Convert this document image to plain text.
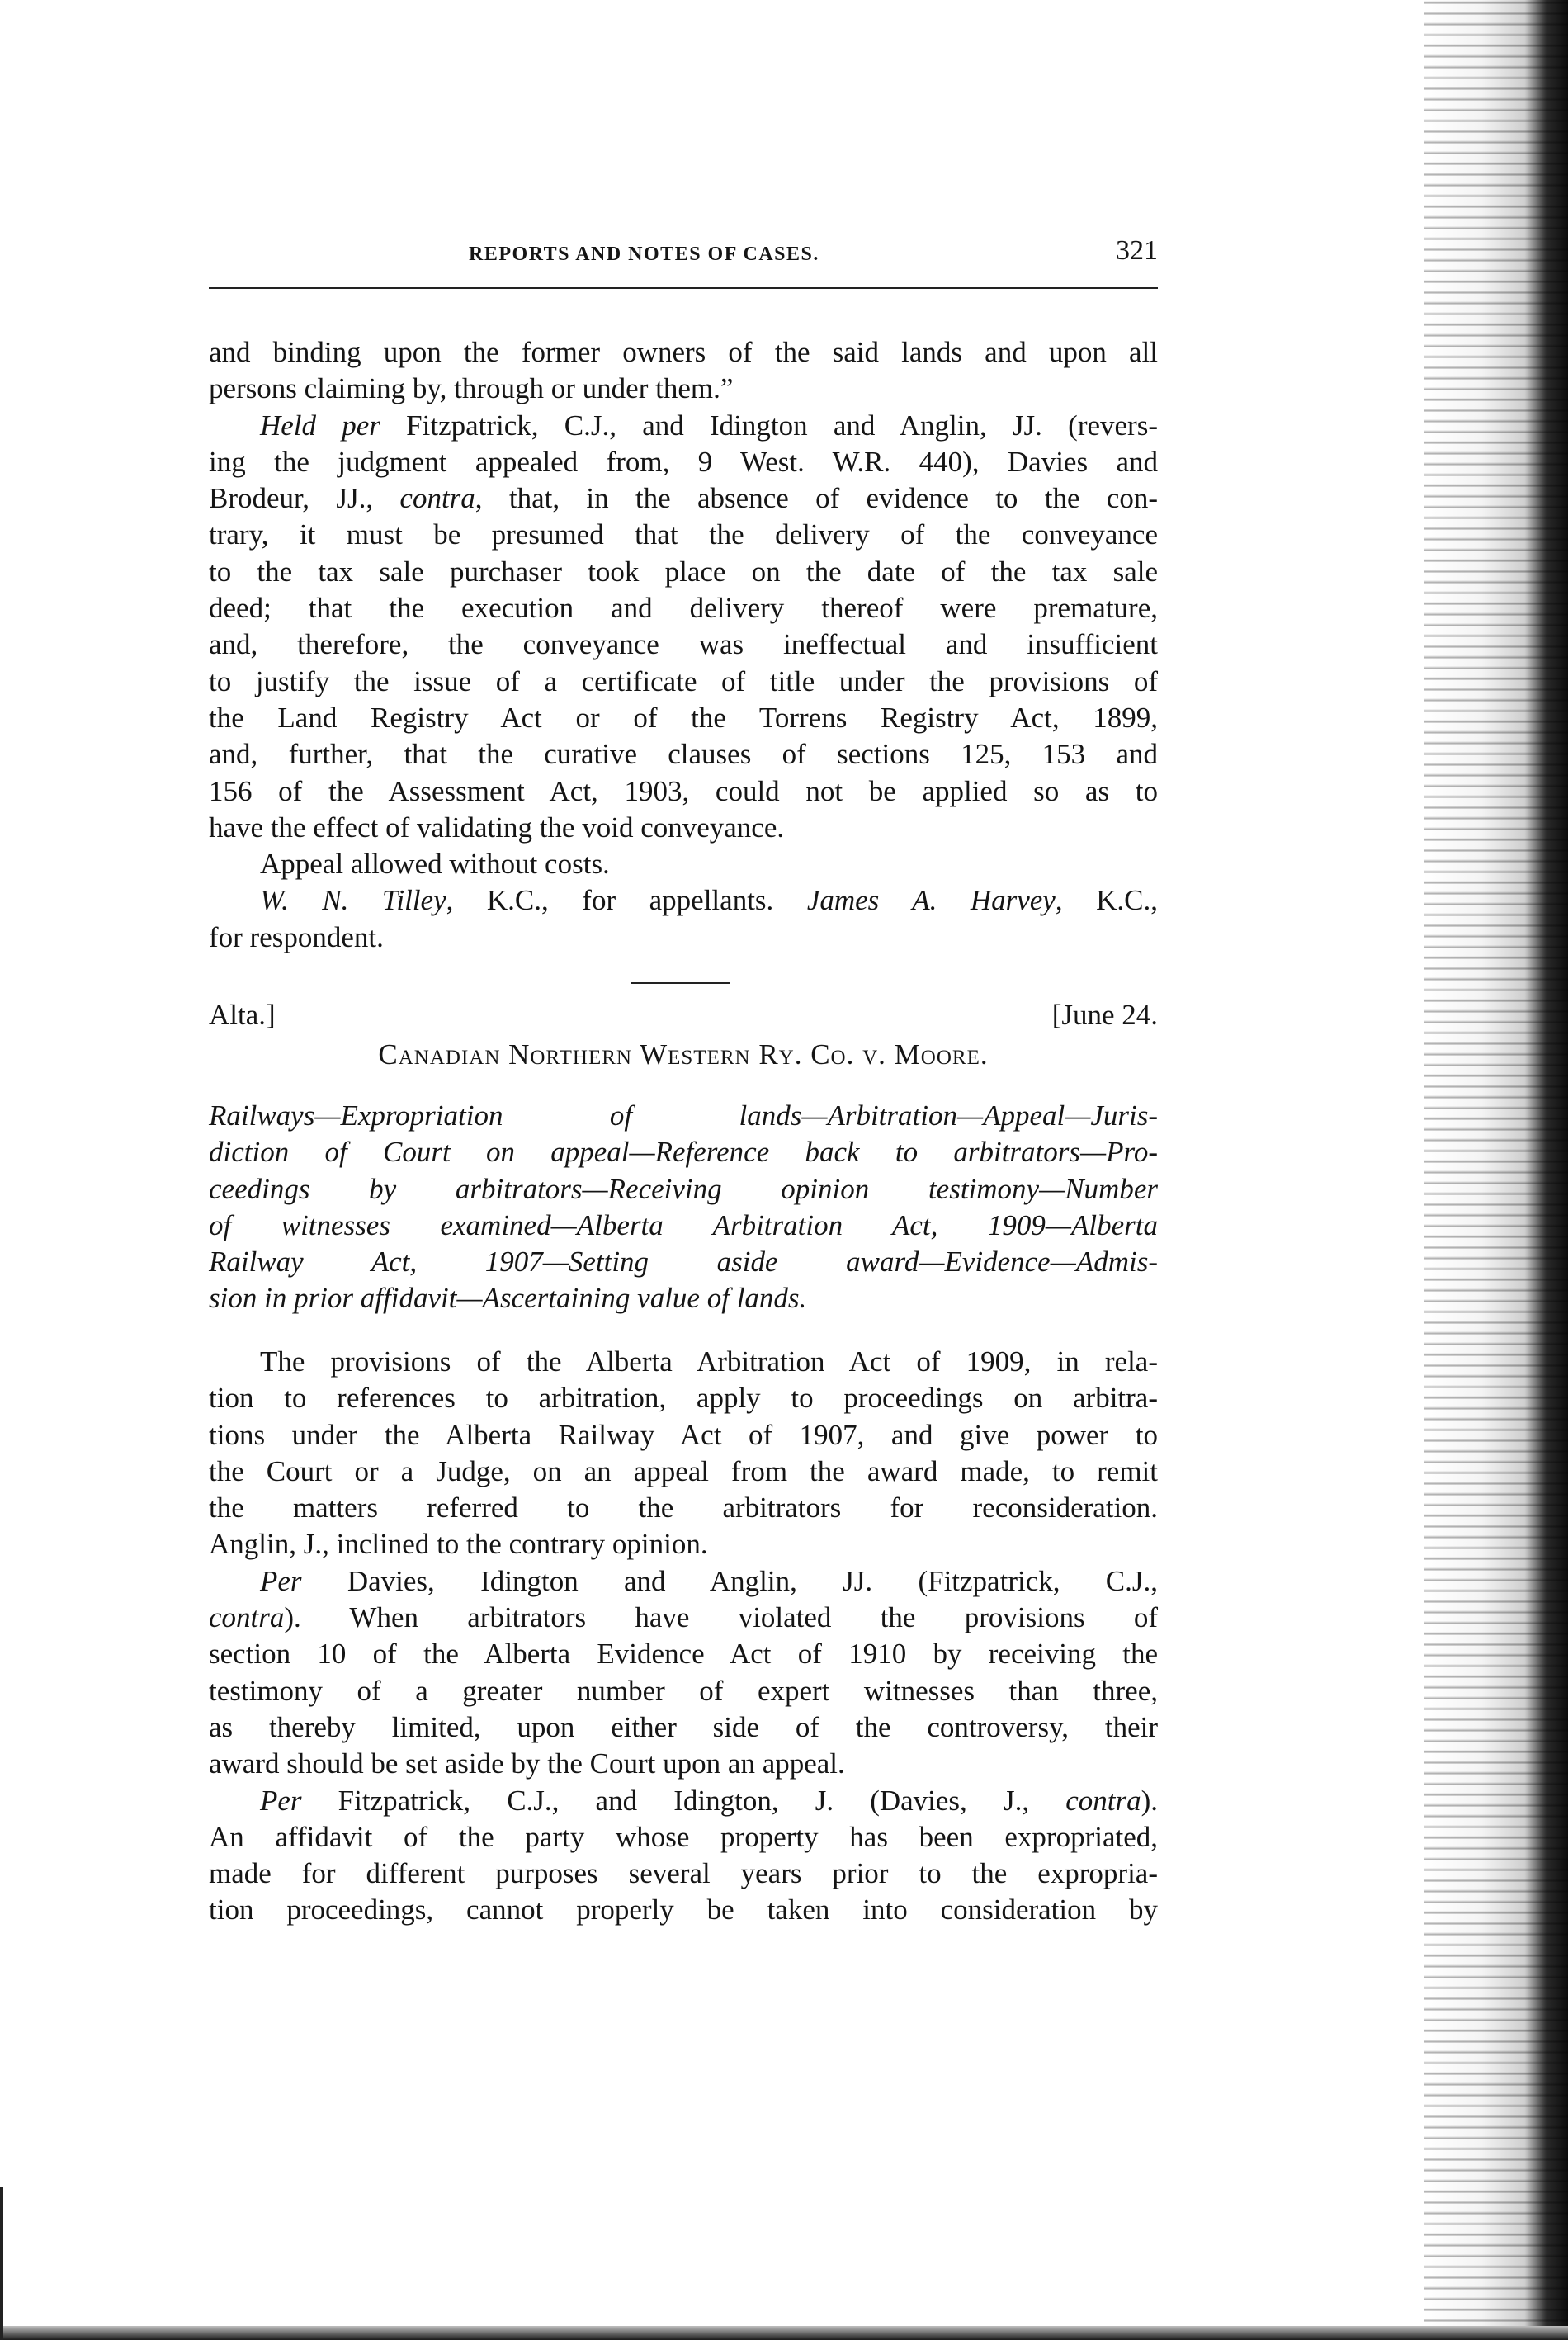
REPORTS AND NOTES OF CASES.	321
and binding upon the former owners of the said lands and upon all
persons claiming by, through or under them.”
Held per Fitzpatrick, C.J., and Idington and Anglin, JJ. (revers-
ing the judgment appealed from, 9 West. W.R. 440), Davies and
Brodeur, JJ., contra, that, in the absence of evidence to the con-
trary, it must be presumed that the delivery of the conveyance
to the tax sale purchaser took place on the date of the tax sale
deed; that the execution and delivery thereof were premature,
and, therefore, the conveyance was ineffectual and insufficient
to justify the issue of a certificate of title under the provisions of
the Land Registry Act or of the Torrens Registry Act, 1899,
and, further, that the curative clauses of sections 125, 153 and
156 of the Assessment Act, 1903, could not be applied so as to
have the effect of validating the void conveyance.
Appeal allowed without costs.
W. N. Tilley, K.C., for appellants. James A. Harvey, K.C.,
for respondent.
Alta.]	[June 24.
Canadian Northern Western Ry. Co. v. Moore.
Railways—Expropriation of lands—Arbitration—Appeal—Juris-
diction of Court on appeal—Reference back to arbitrators—Pro-
ceedings by arbitrators—Receiving opinion testimony—Number
of witnesses examined—Alberta Arbitration Act, 1909—Alberta
Railway Act, 1907—Setting aside award—Evidence—Admis-
sion in prior affidavit—Ascertaining value of lands.
The provisions of the Alberta Arbitration Act of 1909, in rela-
tion to references to arbitration, apply to proceedings on arbitra-
tions under the Alberta Railway Act of 1907, and give power to
the Court or a Judge, on an appeal from the award made, to remit
the matters referred to the arbitrators for reconsideration.
Anglin, J., inclined to the contrary opinion.
Per Davies, Idington and Anglin, JJ. (Fitzpatrick, C.J.,
contra). When arbitrators have violated the provisions of
section 10 of the Alberta Evidence Act of 1910 by receiving the
testimony of a greater number of expert witnesses than three,
as thereby limited, upon either side of the controversy, their
award should be set aside by the Court upon an appeal.
Per Fitzpatrick, C.J., and Idington, J. (Davies, J., contra).
An affidavit of the party whose property has been expropriated,
made for different purposes several years prior to the expropria-
tion proceedings, cannot properly be taken into consideration by
